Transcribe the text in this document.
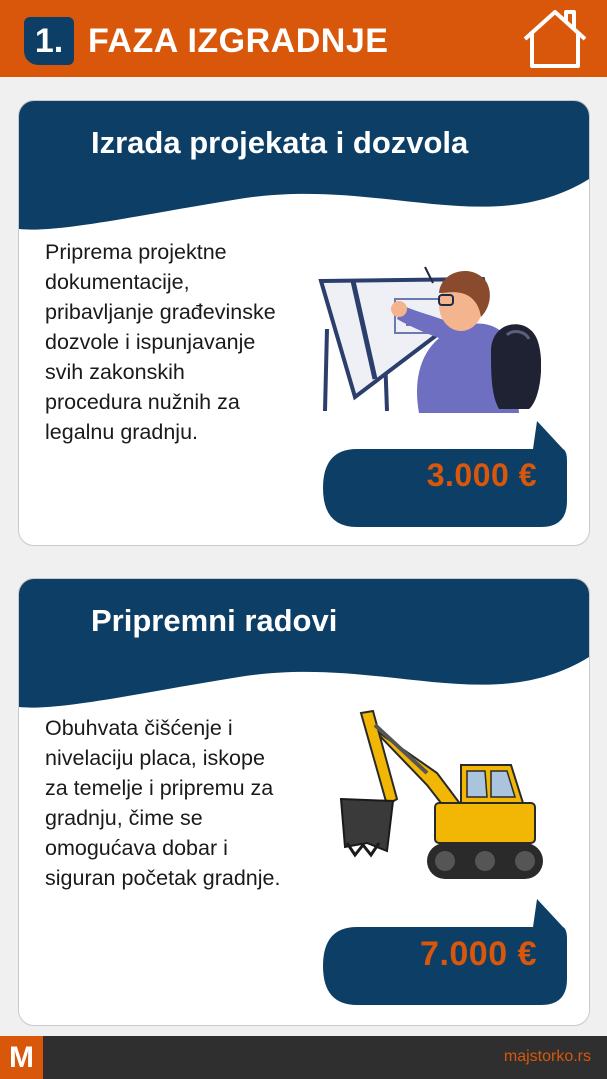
1. FAZA IZGRADNJE
Izrada projekata i dozvola
Priprema projektne dokumentacije, pribavljanje građevinske dozvole i ispunjavanje svih zakonskih procedura nužnih za legalnu gradnju.
3.000 €
Pripremni radovi
Obuhvata čišćenje i nivelaciju placa, iskope za temelje i pripremu za gradnju, čime se omogućava dobar i siguran početak gradnje.
7.000 €
M	majstorko.rs
